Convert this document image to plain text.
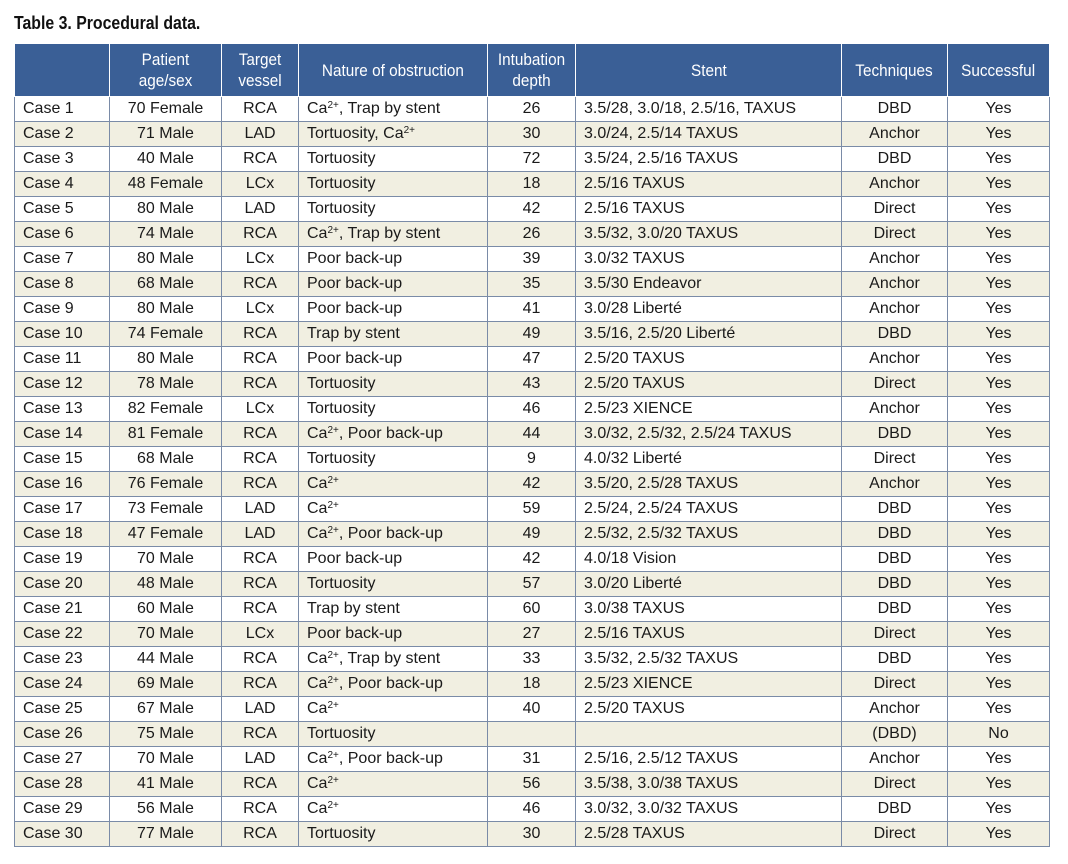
Table 3. Procedural data.
	Patient age/sex	Target vessel	Nature of obstruction	Intubation depth	Stent	Techniques	Successful
Case 1	70 Female	RCA	$Ca^{2+}$, Trap by stent	26	3.5/28, 3.0/18, 2.5/16, TAXUS	DBD	Yes
Case 2	71 Male	LAD	Tortuosity, $Ca^{2+}$	30	3.0/24, 2.5/14 TAXUS	Anchor	Yes
Case 3	40 Male	RCA	Tortuosity	72	3.5/24, 2.5/16 TAXUS	DBD	Yes
Case 4	48 Female	LCx	Tortuosity	18	2.5/16 TAXUS	Anchor	Yes
Case 5	80 Male	LAD	Tortuosity	42	2.5/16 TAXUS	Direct	Yes
Case 6	74 Male	RCA	$Ca^{2+}$, Trap by stent	26	3.5/32, 3.0/20 TAXUS	Direct	Yes
Case 7	80 Male	LCx	Poor back-up	39	3.0/32 TAXUS	Anchor	Yes
Case 8	68 Male	RCA	Poor back-up	35	3.5/30 Endeavor	Anchor	Yes
Case 9	80 Male	LCx	Poor back-up	41	3.0/28 Liberté	Anchor	Yes
Case 10	74 Female	RCA	Trap by stent	49	3.5/16, 2.5/20 Liberté	DBD	Yes
Case 11	80 Male	RCA	Poor back-up	47	2.5/20 TAXUS	Anchor	Yes
Case 12	78 Male	RCA	Tortuosity	43	2.5/20 TAXUS	Direct	Yes
Case 13	82 Female	LCx	Tortuosity	46	2.5/23 XIENCE	Anchor	Yes
Case 14	81 Female	RCA	$Ca^{2+}$, Poor back-up	44	3.0/32, 2.5/32, 2.5/24 TAXUS	DBD	Yes
Case 15	68 Male	RCA	Tortuosity	9	4.0/32 Liberté	Direct	Yes
Case 16	76 Female	RCA	$Ca^{2+}$	42	3.5/20, 2.5/28 TAXUS	Anchor	Yes
Case 17	73 Female	LAD	$Ca^{2+}$	59	2.5/24, 2.5/24 TAXUS	DBD	Yes
Case 18	47 Female	LAD	$Ca^{2+}$, Poor back-up	49	2.5/32, 2.5/32 TAXUS	DBD	Yes
Case 19	70 Male	RCA	Poor back-up	42	4.0/18 Vision	DBD	Yes
Case 20	48 Male	RCA	Tortuosity	57	3.0/20 Liberté	DBD	Yes
Case 21	60 Male	RCA	Trap by stent	60	3.0/38 TAXUS	DBD	Yes
Case 22	70 Male	LCx	Poor back-up	27	2.5/16 TAXUS	Direct	Yes
Case 23	44 Male	RCA	$Ca^{2+}$, Trap by stent	33	3.5/32, 2.5/32 TAXUS	DBD	Yes
Case 24	69 Male	RCA	$Ca^{2+}$, Poor back-up	18	2.5/23 XIENCE	Direct	Yes
Case 25	67 Male	LAD	$Ca^{2+}$	40	2.5/20 TAXUS	Anchor	Yes
Case 26	75 Male	RCA	Tortuosity			(DBD)	No
Case 27	70 Male	LAD	$Ca^{2+}$, Poor back-up	31	2.5/16, 2.5/12 TAXUS	Anchor	Yes
Case 28	41 Male	RCA	$Ca^{2+}$	56	3.5/38, 3.0/38 TAXUS	Direct	Yes
Case 29	56 Male	RCA	$Ca^{2+}$	46	3.0/32, 3.0/32 TAXUS	DBD	Yes
Case 30	77 Male	RCA	Tortuosity	30	2.5/28 TAXUS	Direct	Yes
